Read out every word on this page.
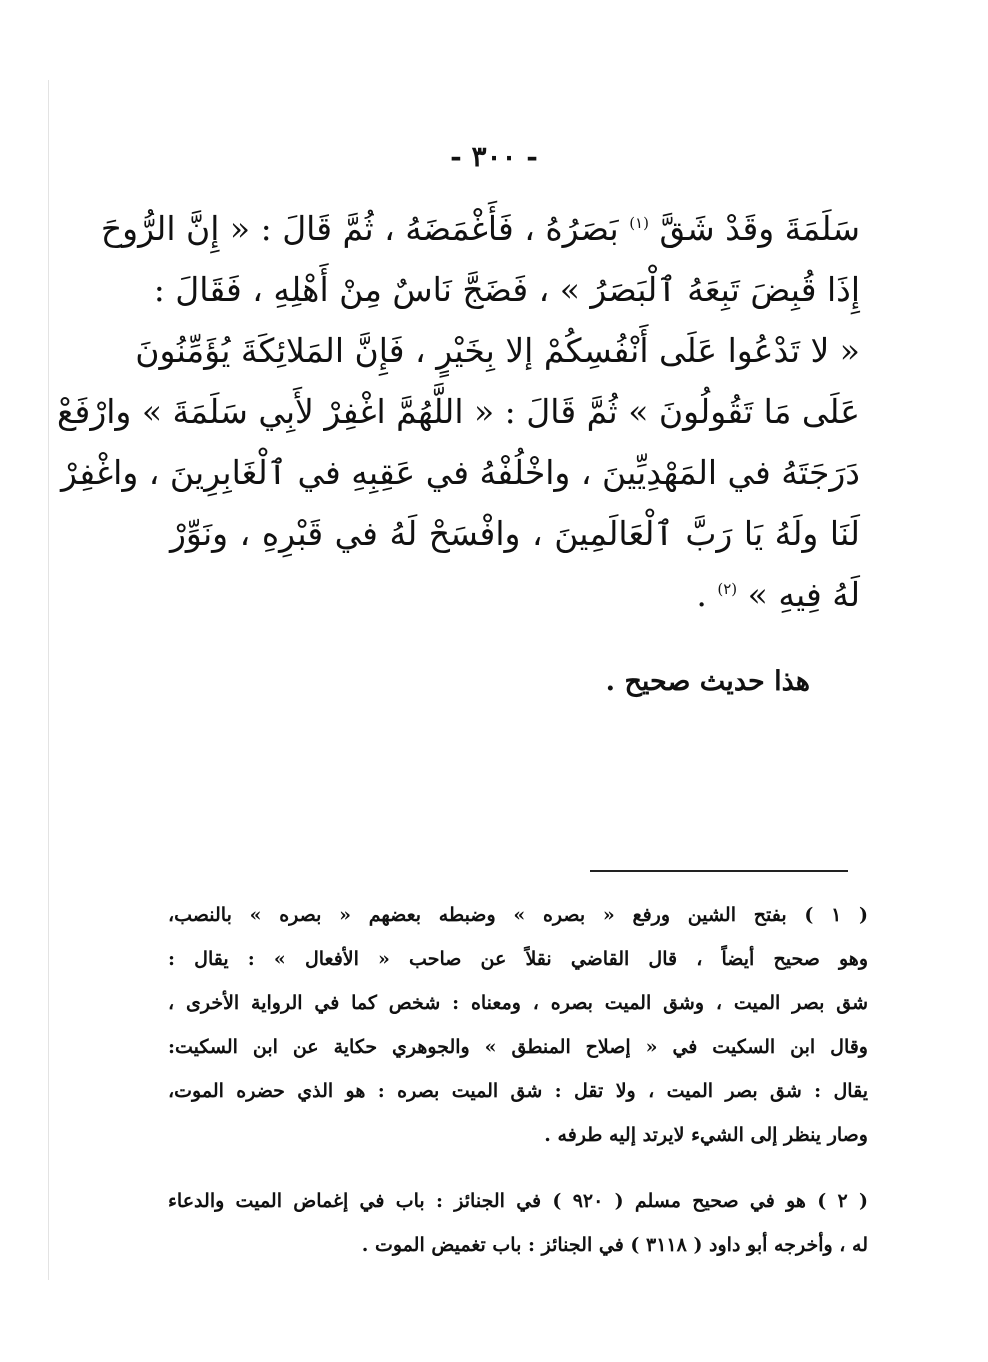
- ٣٠٠ -
سَلَمَةَ وقَدْ شَقَّ $^{(١)}$ بَصَرُهُ ، فَأَغْمَضَهُ ، ثُمَّ قَالَ : « إِنَّ الرُّوحَ
إِذَا قُبِضَ تَبِعَهُ ٱلْبَصَرُ » ، فَضَجَّ نَاسٌ مِنْ أَهْلِهِ ، فَقَالَ :
« لا تَدْعُوا عَلَى أَنْفُسِكُمْ إلا بِخَيْرٍ ، فَإِنَّ المَلائِكَةَ يُؤَمِّنُونَ
عَلَى مَا تَقُولُونَ » ثُمَّ قَالَ : « اللَّهُمَّ اغْفِرْ لأَبِي سَلَمَةَ » وارْفَعْ
دَرَجَتَهُ في المَهْدِيِّينَ ، واخْلُفْهُ في عَقِبِهِ في ٱلْغَابِرِينَ ، واغْفِرْ
لَنَا ولَهُ يَا رَبَّ ٱلْعَالَمِينَ ، وافْسَحْ لَهُ في قَبْرِهِ ، ونَوِّرْ
لَهُ فِيهِ » $^{(٢)}$ .
هذا حديث صحيح .
( ١ ) بفتح الشين ورفع « بصره » وضبطه بعضهم « بصره » بالنصب،
وهو صحيح أيضاً ، قال القاضي نقلاً عن صاحب « الأفعال » : يقال :
شق بصر الميت ، وشق الميت بصره ، ومعناه : شخص كما في الرواية الأخرى ،
وقال ابن السكيت في « إصلاح المنطق » والجوهري حكاية عن ابن السكيت:
يقال : شق بصر الميت ، ولا تقل : شق الميت بصره : هو الذي حضره الموت،
وصار ينظر إلى الشيء لايرتد إليه طرفه .
( ٢ ) هو في صحيح مسلم ( ٩٢٠ ) في الجنائز : باب في إغماض الميت والدعاء
له ، وأخرجه أبو داود ( ٣١١٨ ) في الجنائز : باب تغميض الموت .
